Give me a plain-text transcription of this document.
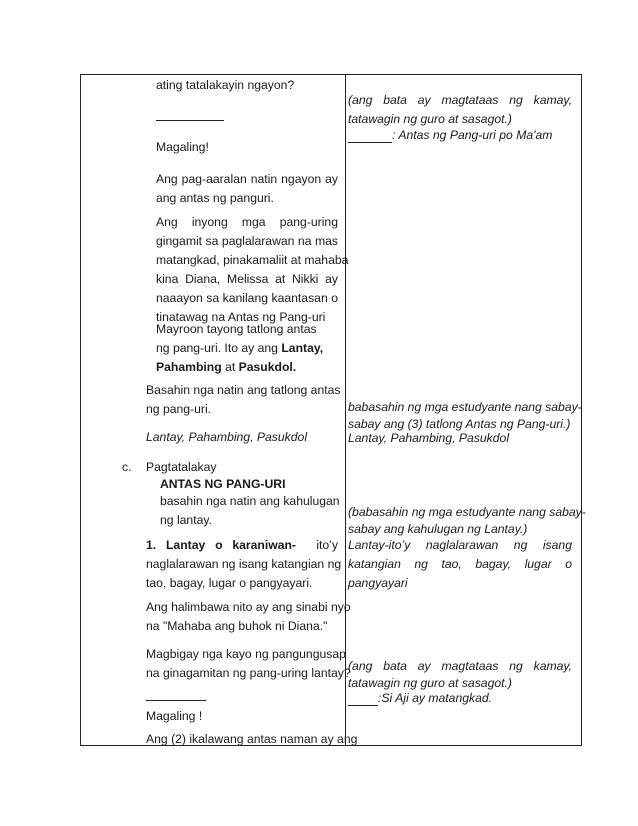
ating tatalakayin ngayon?
Magaling!
Ang pag-aaralan natin ngayon ay
ang antas ng panguri.
Ang inyong mga pang-uring
gingamit sa paglalarawan na mas
matangkad, pinakamaliit at mahaba
kina Diana, Melissa at Nikki ay
naaayon sa kanilang kaantasan o
tinatawag na Antas ng Pang-uri
Mayroon tayong tatlong antas
ng pang-uri. Ito ay ang Lantay,
Pahambing at Pasukdol.
Basahin nga natin ang tatlong antas
ng pang-uri.
Lantay, Pahambing, Pasukdol
c. Pagtatalakay
ANTAS NG PANG-URI
basahin nga natin ang kahulugan
ng lantay.
1. Lantay o karaniwan- ito’y
naglalarawan ng isang katangian ng
tao, bagay, lugar o pangyayari.
Ang halimbawa nito ay ang sinabi nyo
na "Mahaba ang buhok ni Diana."
Magbigay nga kayo ng pangungusap
na ginagamitan ng pang-uring lantay?
Magaling !
Ang (2) ikalawang antas naman ay ang
(ang bata ay magtataas ng kamay,
tatawagin ng guro at sasagot.)
: Antas ng Pang-uri po Ma'am
babasahin ng mga estudyante nang sabay-
sabay ang (3) tatlong Antas ng Pang-uri.)
Lantay, Pahambing, Pasukdol
(babasahin ng mga estudyante nang sabay-
sabay ang kahulugan ng Lantay.)
Lantay-ito’y naglalarawan ng isang
katangian ng tao, bagay, lugar o
pangyayari
(ang bata ay magtataas ng kamay,
tatawagin ng guro at sasagot.)
:Si Aji ay matangkad.
